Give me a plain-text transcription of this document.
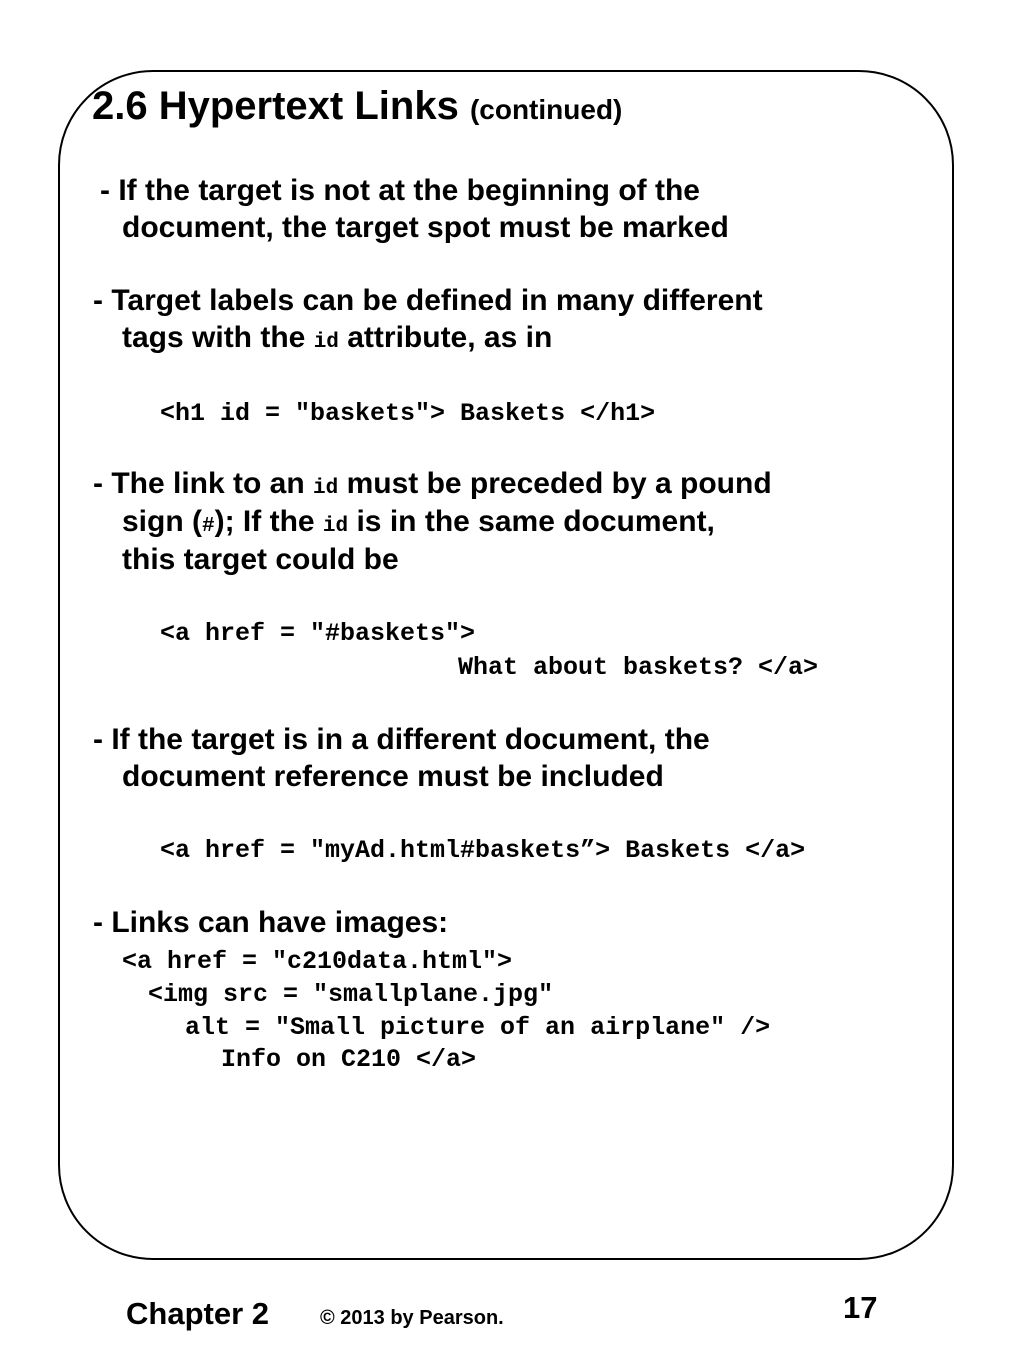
2.6 Hypertext Links (continued)

- If the target is not at the beginning of the

document, the target spot must be marked

- Target labels can be defined in many different

tags with the id attribute, as in

<h1 id = "baskets"> Baskets </h1>

- The link to an id must be preceded by a pound

sign (#); If the id is in the same document,

this target could be

<a href = "#baskets">
What about baskets? </a>

- If the target is in a different document, the

document reference must be included

<a href = "myAd.html#baskets”> Baskets </a>

- Links can have images:

<a href = "c210data.html">
<img src = "smallplane.jpg"
alt = "Small picture of an airplane" />
Info on C210 </a>
Chapter 2	© 2013 by Pearson.	17
